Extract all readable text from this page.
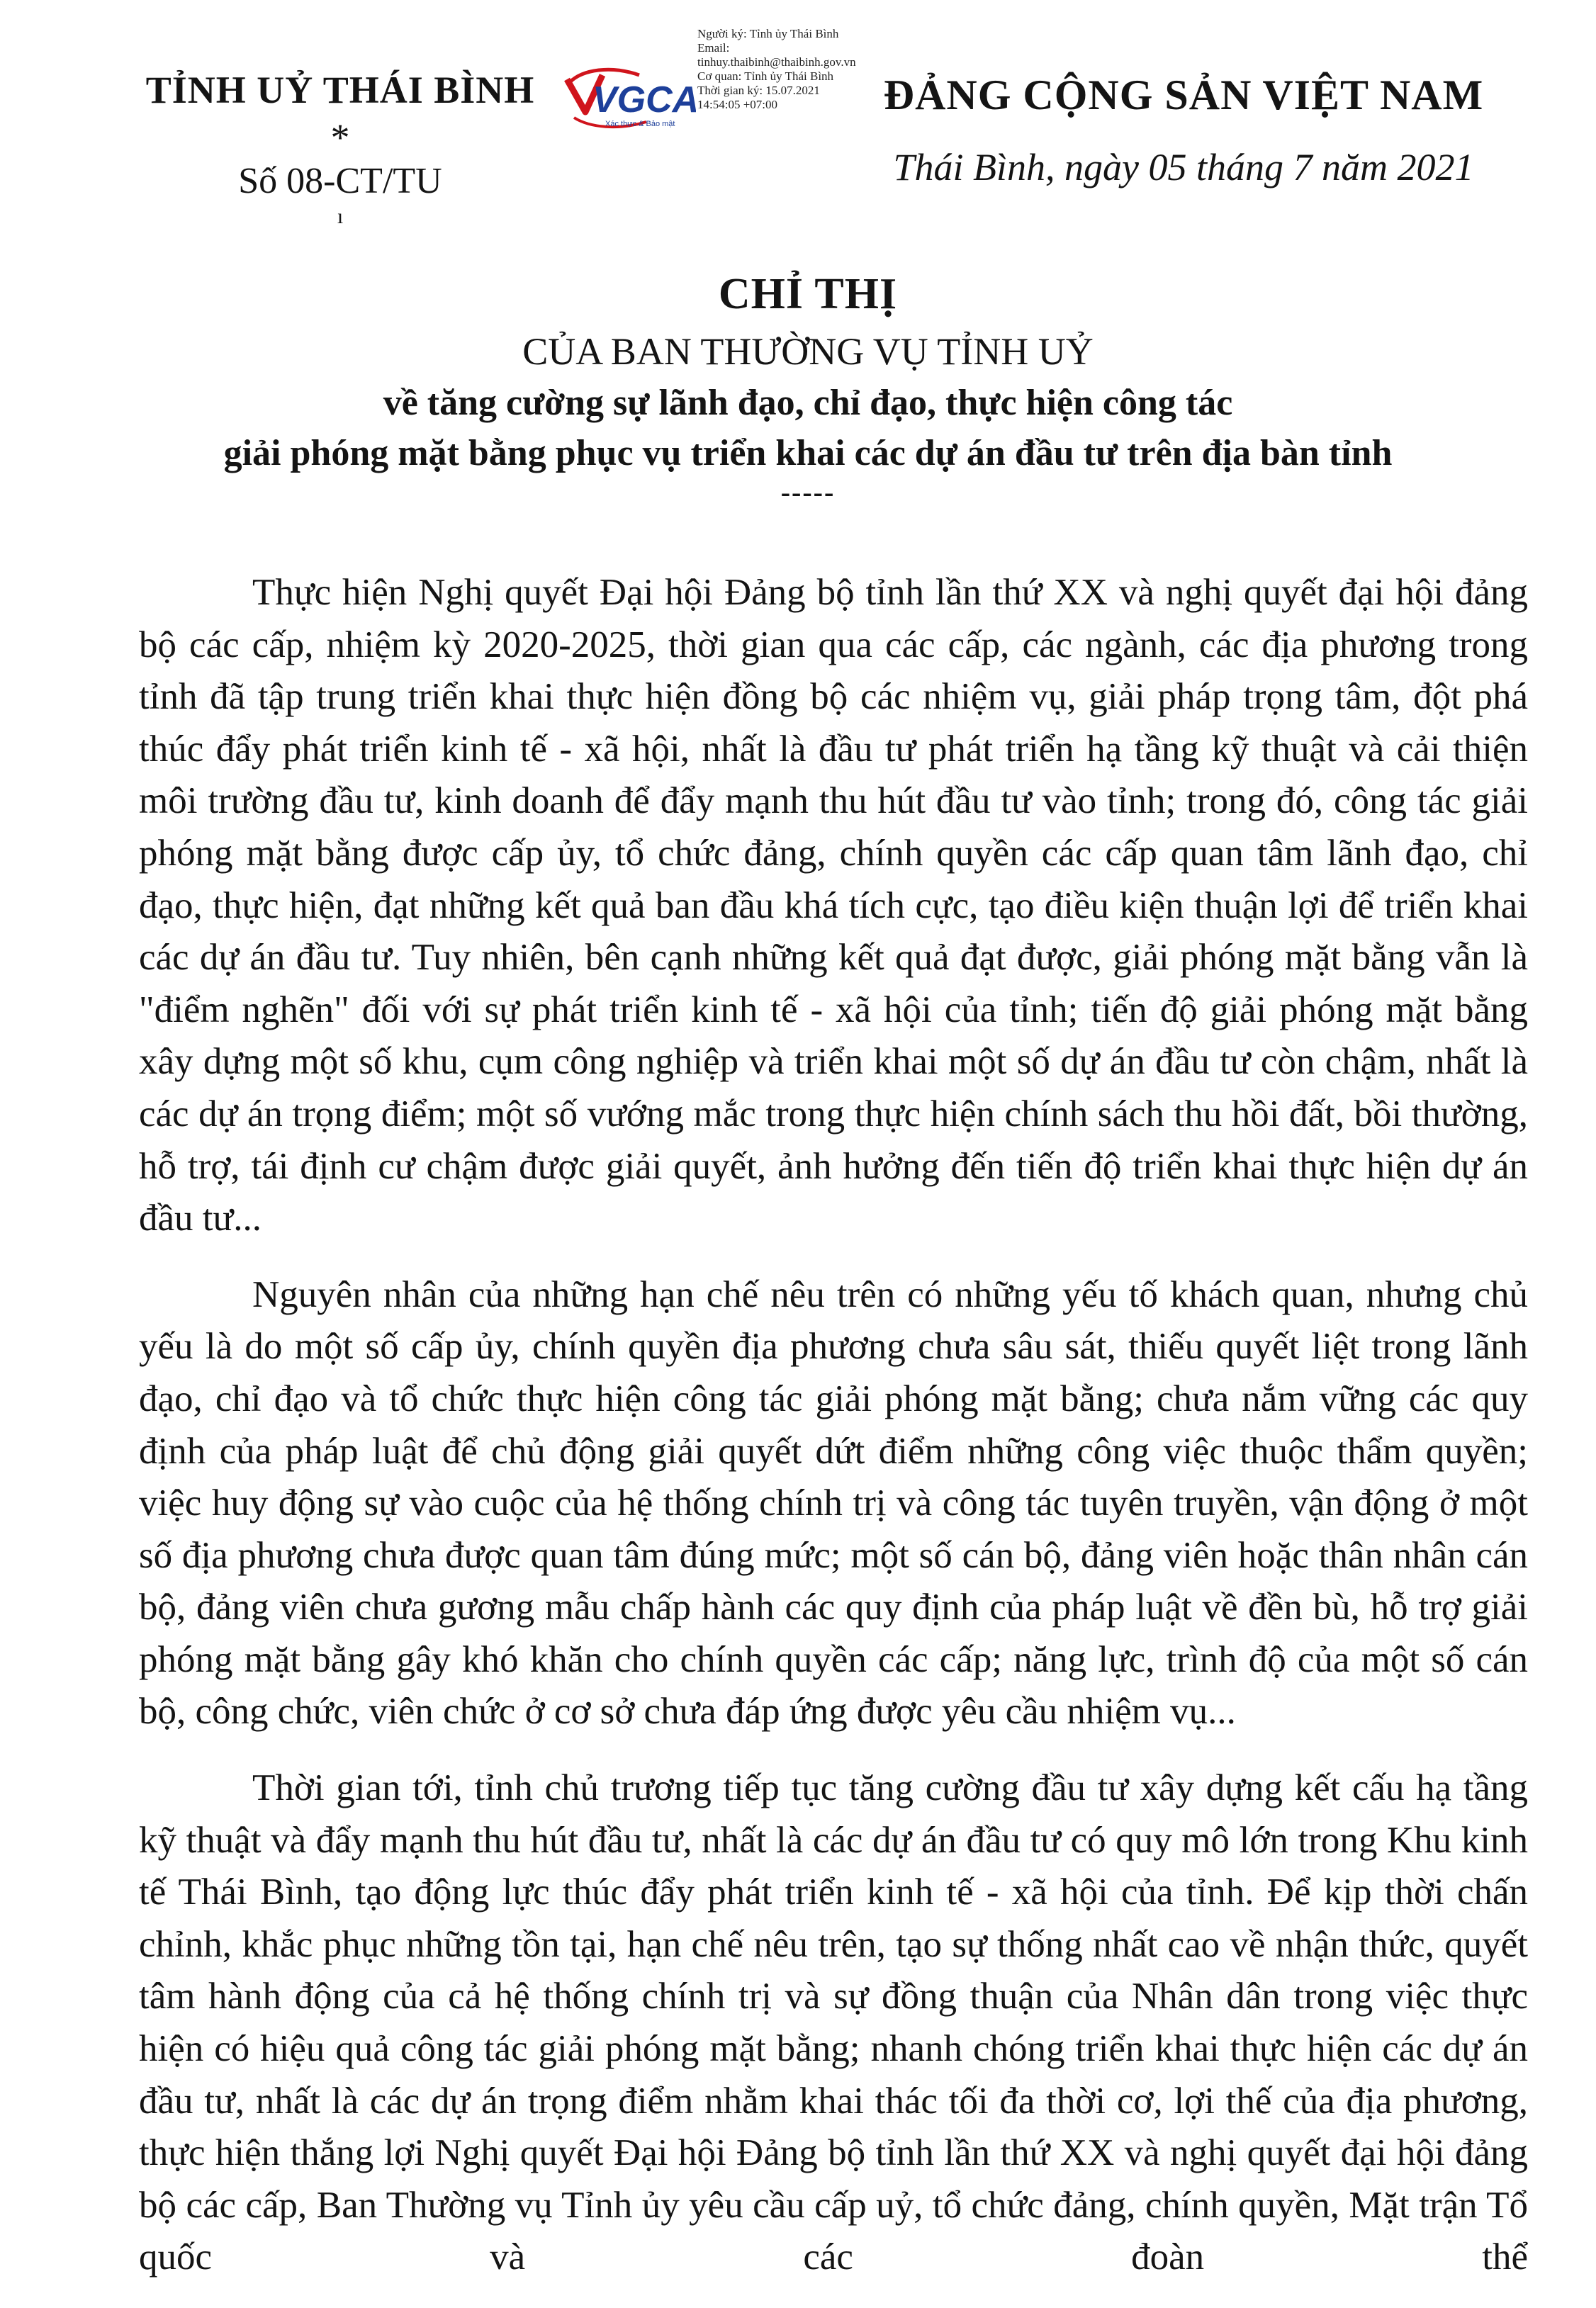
TỈNH UỶ THÁI BÌNH
*
Số 08-CT/TU
ı
VGCA
Xác thực & Bảo mật
Người ký: Tỉnh ủy Thái Bình
Email:
tinhuy.thaibinh@thaibinh.gov.vn
Cơ quan: Tỉnh ủy Thái Bình
Thời gian ký: 15.07.2021
14:54:05 +07:00	ĐẢNG CỘNG SẢN VIỆT NAM
Thái Bình, ngày 05 tháng 7 năm 2021
CHỈ THỊ
CỦA BAN THƯỜNG VỤ TỈNH UỶ
về tăng cường sự lãnh đạo, chỉ đạo, thực hiện công tác
giải phóng mặt bằng phục vụ triển khai các dự án đầu tư trên địa bàn tỉnh
-----

Thực hiện Nghị quyết Đại hội Đảng bộ tỉnh lần thứ XX và nghị quyết đại hội đảng bộ các cấp, nhiệm kỳ 2020-2025, thời gian qua các cấp, các ngành, các địa phương trong tỉnh đã tập trung triển khai thực hiện đồng bộ các nhiệm vụ, giải pháp trọng tâm, đột phá thúc đẩy phát triển kinh tế - xã hội, nhất là đầu tư phát triển hạ tầng kỹ thuật và cải thiện môi trường đầu tư, kinh doanh để đẩy mạnh thu hút đầu tư vào tỉnh; trong đó, công tác giải phóng mặt bằng được cấp ủy, tổ chức đảng, chính quyền các cấp quan tâm lãnh đạo, chỉ đạo, thực hiện, đạt những kết quả ban đầu khá tích cực, tạo điều kiện thuận lợi để triển khai các dự án đầu tư. Tuy nhiên, bên cạnh những kết quả đạt được, giải phóng mặt bằng vẫn là "điểm nghẽn" đối với sự phát triển kinh tế - xã hội của tỉnh; tiến độ giải phóng mặt bằng xây dựng một số khu, cụm công nghiệp và triển khai một số dự án đầu tư còn chậm, nhất là các dự án trọng điểm; một số vướng mắc trong thực hiện chính sách thu hồi đất, bồi thường, hỗ trợ, tái định cư chậm được giải quyết, ảnh hưởng đến tiến độ triển khai thực hiện dự án đầu tư...

Nguyên nhân của những hạn chế nêu trên có những yếu tố khách quan, nhưng chủ yếu là do một số cấp ủy, chính quyền địa phương chưa sâu sát, thiếu quyết liệt trong lãnh đạo, chỉ đạo và tổ chức thực hiện công tác giải phóng mặt bằng; chưa nắm vững các quy định của pháp luật để chủ động giải quyết dứt điểm những công việc thuộc thẩm quyền; việc huy động sự vào cuộc của hệ thống chính trị và công tác tuyên truyền, vận động ở một số địa phương chưa được quan tâm đúng mức; một số cán bộ, đảng viên hoặc thân nhân cán bộ, đảng viên chưa gương mẫu chấp hành các quy định của pháp luật về đền bù, hỗ trợ giải phóng mặt bằng gây khó khăn cho chính quyền các cấp; năng lực, trình độ của một số cán bộ, công chức, viên chức ở cơ sở chưa đáp ứng được yêu cầu nhiệm vụ...

Thời gian tới, tỉnh chủ trương tiếp tục tăng cường đầu tư xây dựng kết cấu hạ tầng kỹ thuật và đẩy mạnh thu hút đầu tư, nhất là các dự án đầu tư có quy mô lớn trong Khu kinh tế Thái Bình, tạo động lực thúc đẩy phát triển kinh tế - xã hội của tỉnh. Để kịp thời chấn chỉnh, khắc phục những tồn tại, hạn chế nêu trên, tạo sự thống nhất cao về nhận thức, quyết tâm hành động của cả hệ thống chính trị và sự đồng thuận của Nhân dân trong việc thực hiện có hiệu quả công tác giải phóng mặt bằng; nhanh chóng triển khai thực hiện các dự án đầu tư, nhất là các dự án trọng điểm nhằm khai thác tối đa thời cơ, lợi thế của địa phương, thực hiện thắng lợi Nghị quyết Đại hội Đảng bộ tỉnh lần thứ XX và nghị quyết đại hội đảng bộ các cấp, Ban Thường vụ Tỉnh ủy yêu cầu cấp uỷ, tổ chức đảng, chính quyền, Mặt trận Tổ quốc và các đoàn thể
